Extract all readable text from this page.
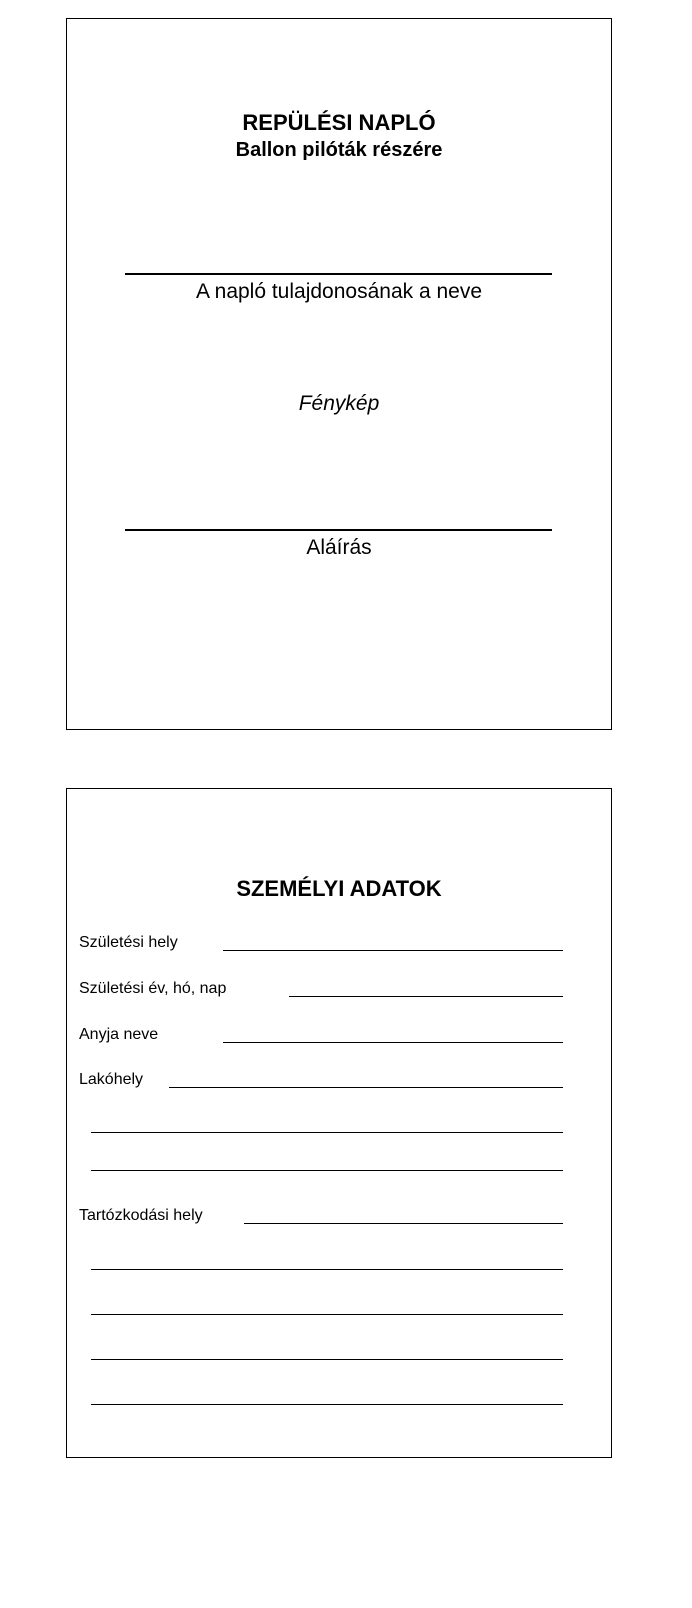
REPÜLÉSI NAPLÓ
Ballon pilóták részére
A napló tulajdonosának a neve
Fénykép
Aláírás
SZEMÉLYI ADATOK
Születési hely
Születési év, hó, nap
Anyja neve
Lakóhely
Tartózkodási hely
